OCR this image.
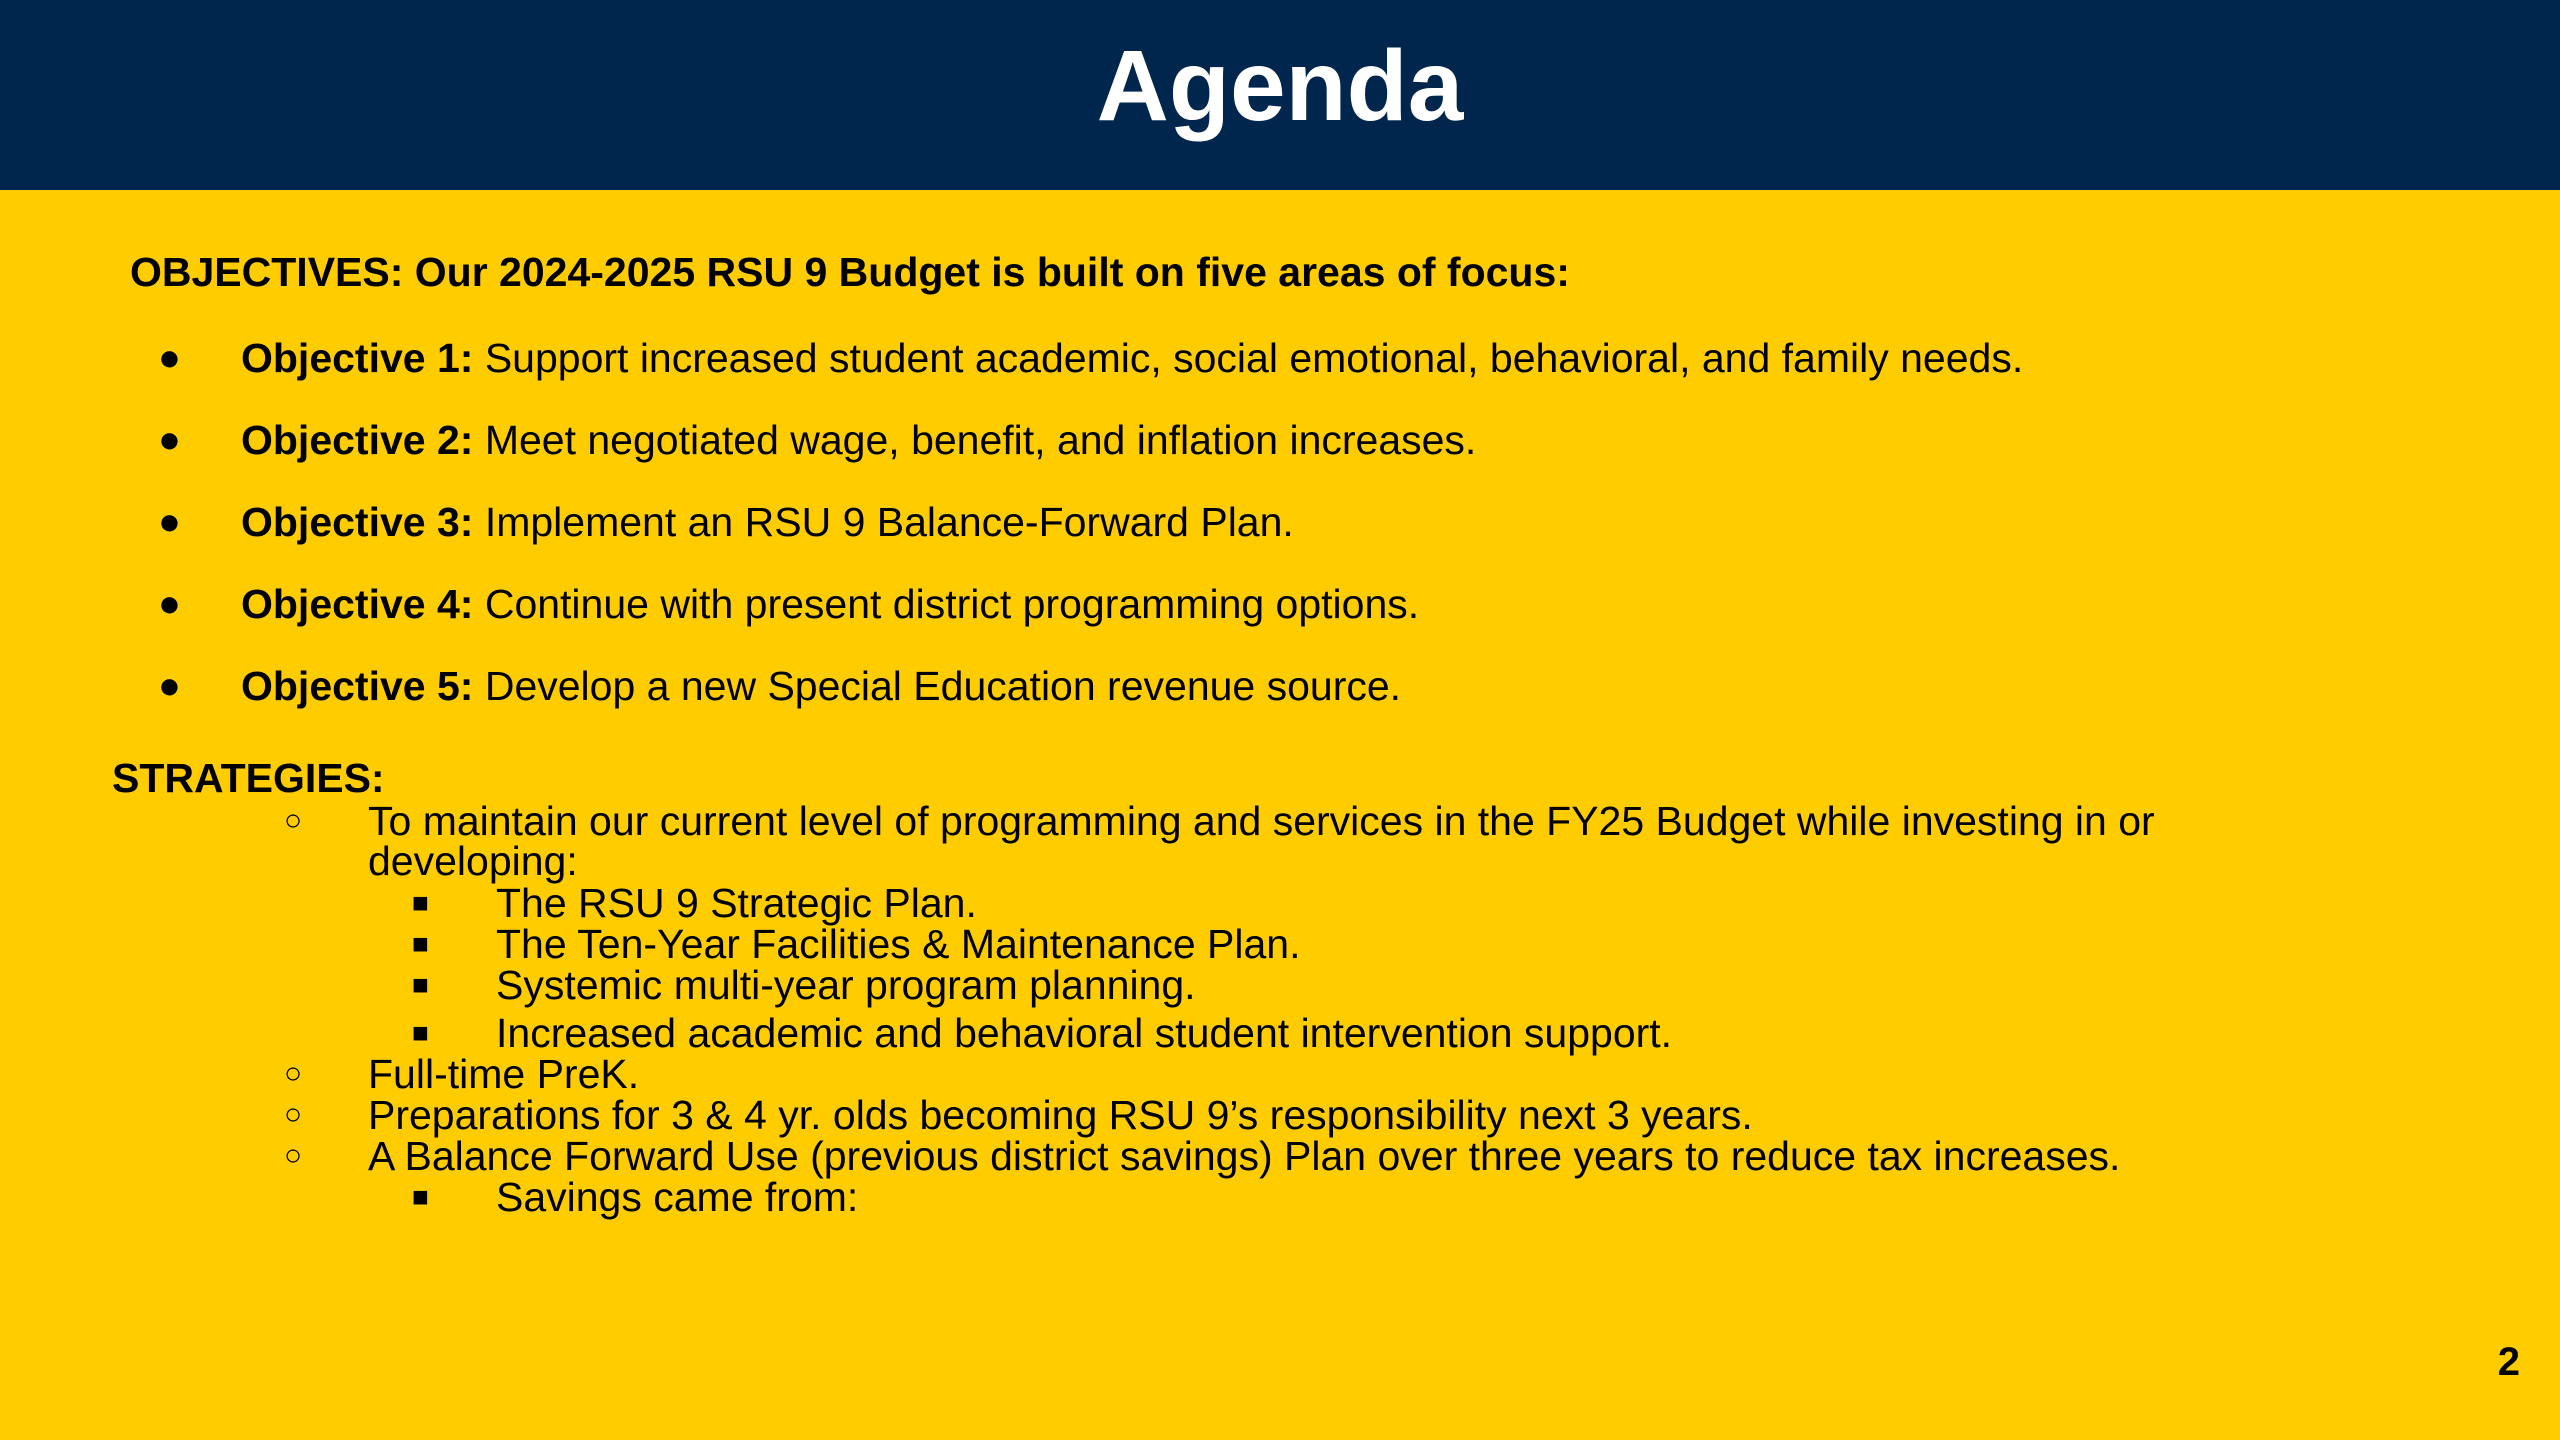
Agenda
OBJECTIVES: Our 2024-2025 RSU 9 Budget is built on five areas of focus:
● Objective 1: Support increased student academic, social emotional, behavioral, and family needs.
● Objective 2: Meet negotiated wage, benefit, and inflation increases.
● Objective 3: Implement an RSU 9 Balance-Forward Plan.
● Objective 4: Continue with present district programming options.
● Objective 5: Develop a new Special Education revenue source.
STRATEGIES:
○ To maintain our current level of programming and services in the FY25 Budget while investing in or
developing:
■ The RSU 9 Strategic Plan.
■ The Ten-Year Facilities & Maintenance Plan.
■ Systemic multi-year program planning.
■ Increased academic and behavioral student intervention support.
○ Full-time PreK.
○ Preparations for 3 & 4 yr. olds becoming RSU 9’s responsibility next 3 years.
○ A Balance Forward Use (previous district savings) Plan over three years to reduce tax increases.
■ Savings came from:
2
